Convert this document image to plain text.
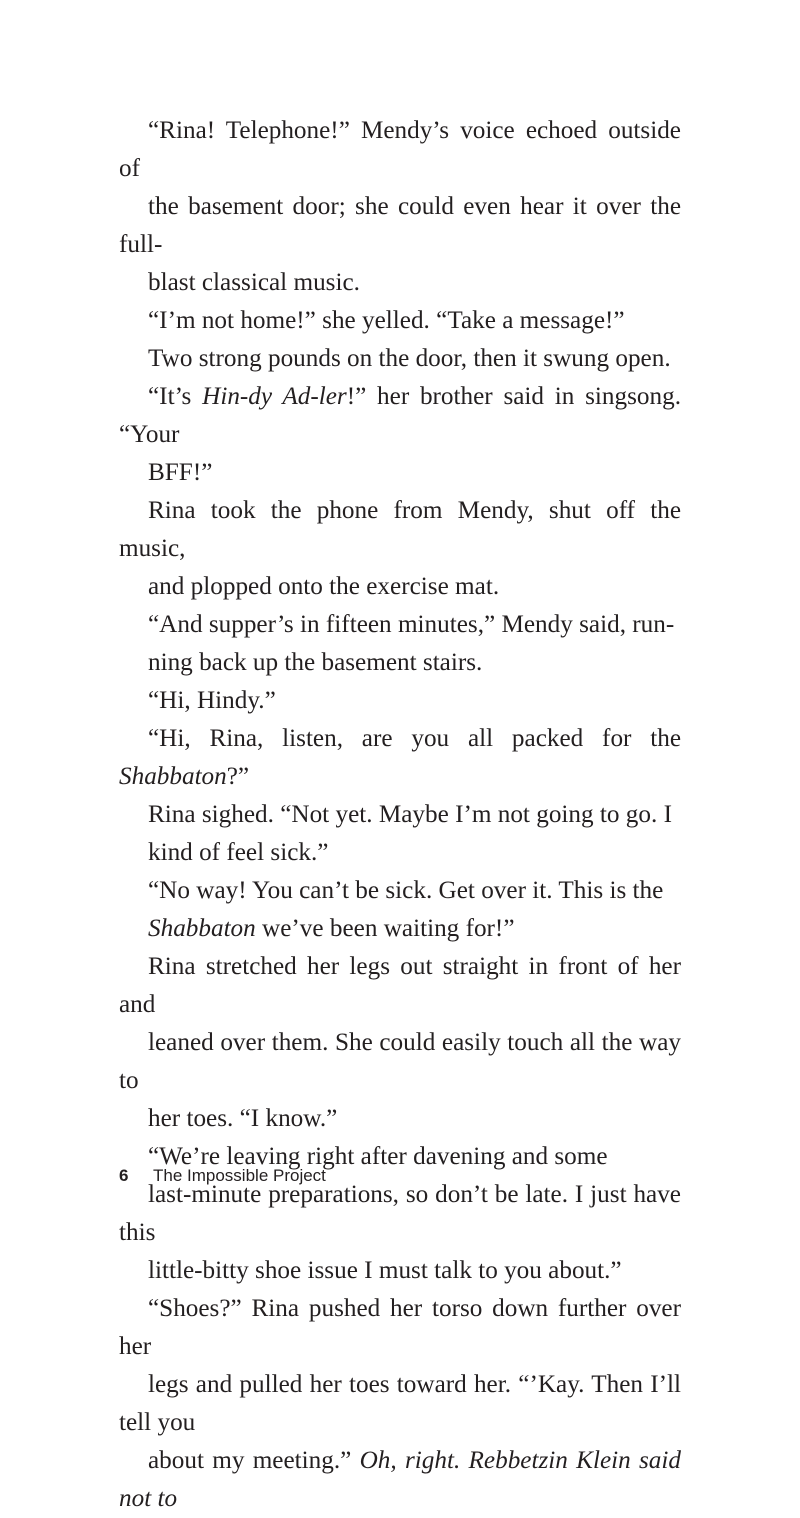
“Rina! Telephone!” Mendy’s voice echoed outside of
the basement door; she could even hear it over the full-
blast classical music.

“I’m not home!” she yelled. “Take a message!”

Two strong pounds on the door, then it swung open.
“It’s Hin-dy Ad-ler!” her brother said in singsong. “Your
BFF!”

Rina took the phone from Mendy, shut off the music,
and plopped onto the exercise mat.

“And supper’s in fifteen minutes,” Mendy said, run-
ning back up the basement stairs.

“Hi, Hindy.”

“Hi, Rina, listen, are you all packed for the Shabbaton?”

Rina sighed. “Not yet. Maybe I’m not going to go. I
kind of feel sick.”

“No way! You can’t be sick. Get over it. This is the
Shabbaton we’ve been waiting for!”

Rina stretched her legs out straight in front of her and
leaned over them. She could easily touch all the way to
her toes. “I know.”

“We’re leaving right after davening and some
last-minute preparations, so don’t be late. I just have this
little-bitty shoe issue I must talk to you about.”

“Shoes?” Rina pushed her torso down further over her
legs and pulled her toes toward her. “’Kay. Then I’ll tell you
about my meeting.” Oh, right. Rebbetzin Klein said not to

6 The Impossible Project
